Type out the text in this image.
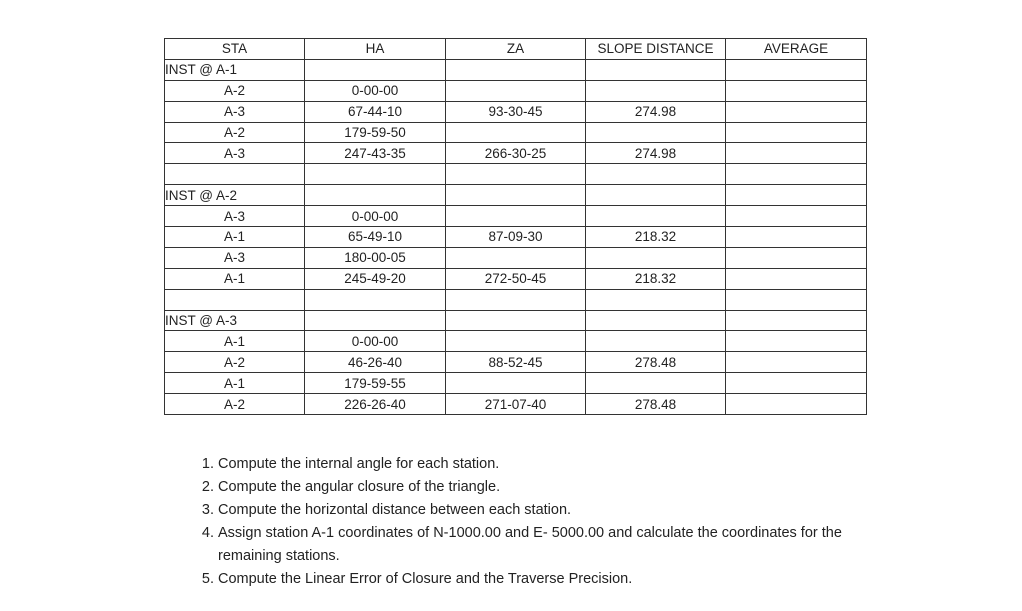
STA	HA	ZA	SLOPE DISTANCE	AVERAGE
INST @ A-1				
A-2	0-00-00			
A-3	67-44-10	93-30-45	274.98	
A-2	179-59-50			
A-3	247-43-35	266-30-25	274.98	

INST @ A-2				
A-3	0-00-00			
A-1	65-49-10	87-09-30	218.32	
A-3	180-00-05			
A-1	245-49-20	272-50-45	218.32	

INST @ A-3				
A-1	0-00-00			
A-2	46-26-40	88-52-45	278.48	
A-1	179-59-55			
A-2	226-26-40	271-07-40	278.48	
1. Compute the internal angle for each station.
2. Compute the angular closure of the triangle.
3. Compute the horizontal distance between each station.
4. Assign station A-1 coordinates of N-1000.00 and E- 5000.00 and calculate the coordinates for the remaining stations.
5. Compute the Linear Error of Closure and the Traverse Precision.
